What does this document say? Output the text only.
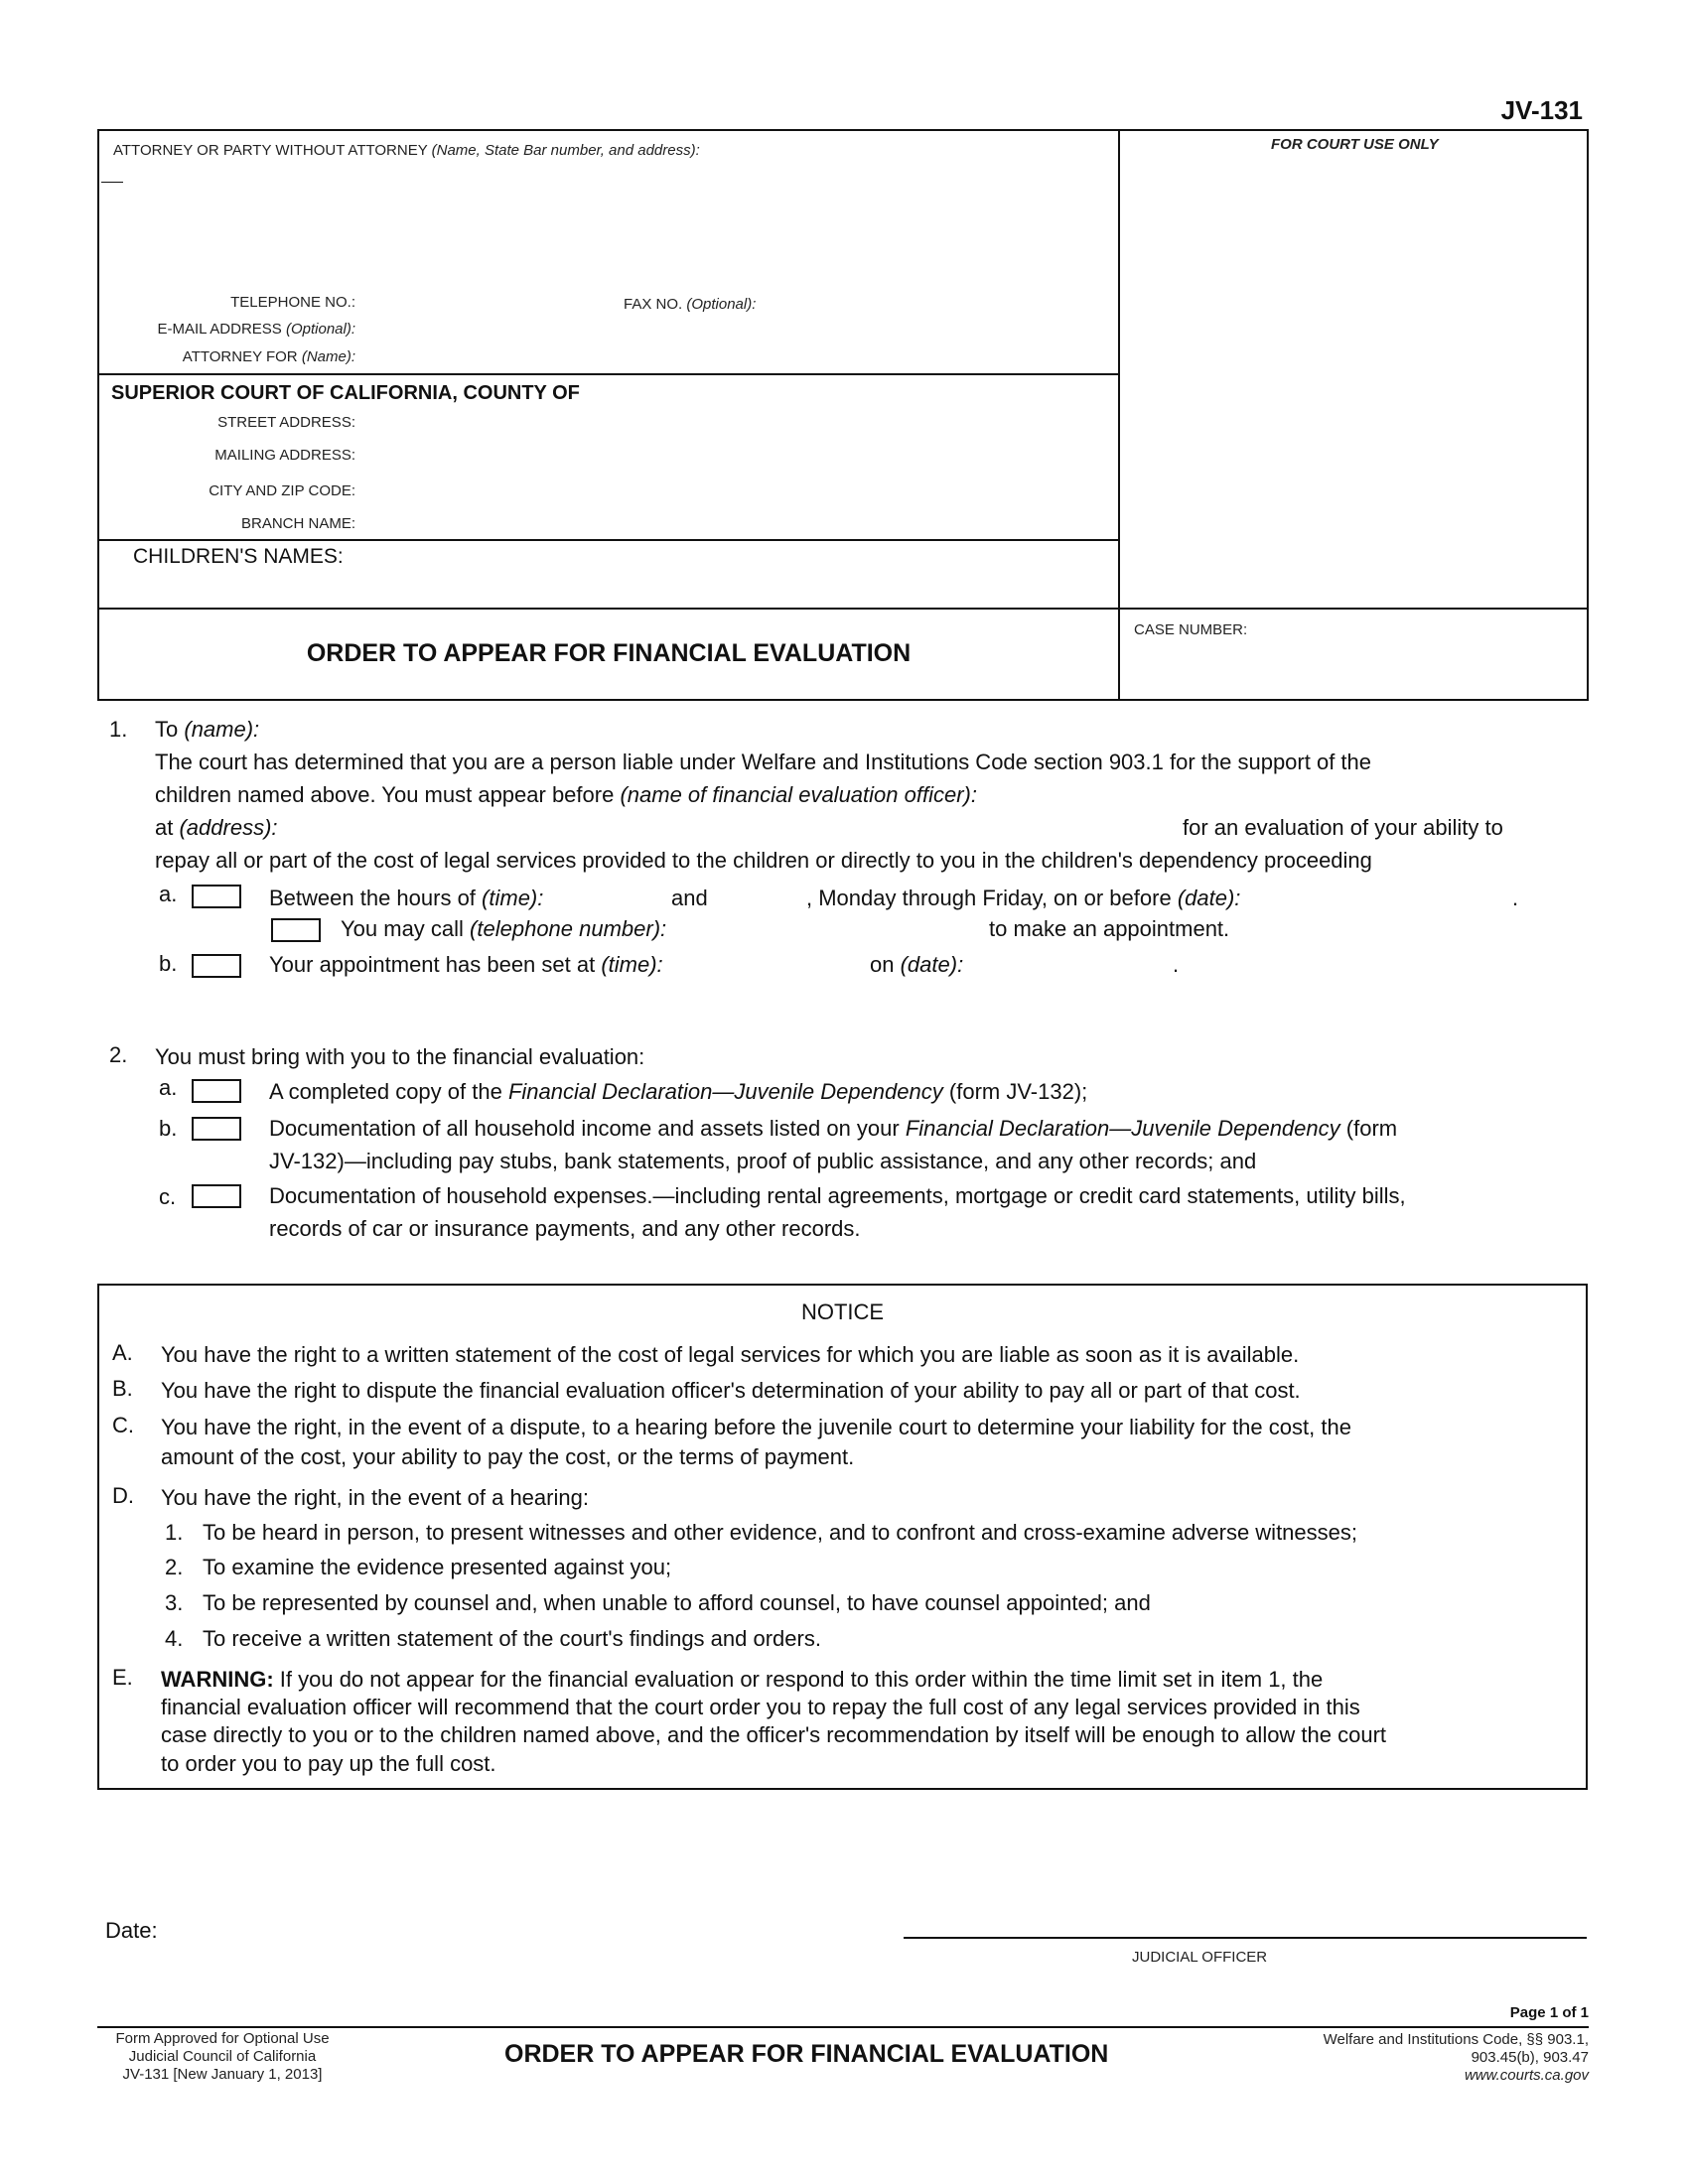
JV-131
ATTORNEY OR PARTY WITHOUT ATTORNEY (Name, State Bar number, and address):	FOR COURT USE ONLY
TELEPHONE NO.:	FAX NO. (Optional):
E-MAIL ADDRESS (Optional):
ATTORNEY FOR (Name):
SUPERIOR COURT OF CALIFORNIA, COUNTY OF
STREET ADDRESS:
MAILING ADDRESS:
CITY AND ZIP CODE:
BRANCH NAME:
CHILDREN'S NAMES:
ORDER TO APPEAR FOR FINANCIAL EVALUATION
CASE NUMBER:
1. To (name):
The court has determined that you are a person liable under Welfare and Institutions Code section 903.1 for the support of the
children named above. You must appear before (name of financial evaluation officer):
at (address):	for an evaluation of your ability to
repay all or part of the cost of legal services provided to the children or directly to you in the children's dependency proceeding
a.	Between the hours of (time):	and	, Monday through Friday, on or before (date):	.
You may call (telephone number):	to make an appointment.
b.	Your appointment has been set at (time):	on (date):	.
2. You must bring with you to the financial evaluation:
a.	A completed copy of the Financial Declaration—Juvenile Dependency (form JV-132);
b.	Documentation of all household income and assets listed on your Financial Declaration—Juvenile Dependency (form
JV-132)—including pay stubs, bank statements, proof of public assistance, and any other records; and
c.	Documentation of household expenses.—including rental agreements, mortgage or credit card statements, utility bills,
records of car or insurance payments, and any other records.
NOTICE
A. You have the right to a written statement of the cost of legal services for which you are liable as soon as it is available.
B. You have the right to dispute the financial evaluation officer's determination of your ability to pay all or part of that cost.
C. You have the right, in the event of a dispute, to a hearing before the juvenile court to determine your liability for the cost, the
amount of the cost, your ability to pay the cost, or the terms of payment.
D. You have the right, in the event of a hearing:
1. To be heard in person, to present witnesses and other evidence, and to confront and cross-examine adverse witnesses;
2. To examine the evidence presented against you;
3. To be represented by counsel and, when unable to afford counsel, to have counsel appointed; and
4. To receive a written statement of the court's findings and orders.
E. WARNING: If you do not appear for the financial evaluation or respond to this order within the time limit set in item 1, the
financial evaluation officer will recommend that the court order you to repay the full cost of any legal services provided in this
case directly to you or to the children named above, and the officer's recommendation by itself will be enough to allow the court
to order you to pay up the full cost.
Date:
JUDICIAL OFFICER
Page 1 of 1
Form Approved for Optional Use
Judicial Council of California
JV-131 [New January 1, 2013]
ORDER TO APPEAR FOR FINANCIAL EVALUATION
Welfare and Institutions Code, §§ 903.1,
903.45(b), 903.47
www.courts.ca.gov
